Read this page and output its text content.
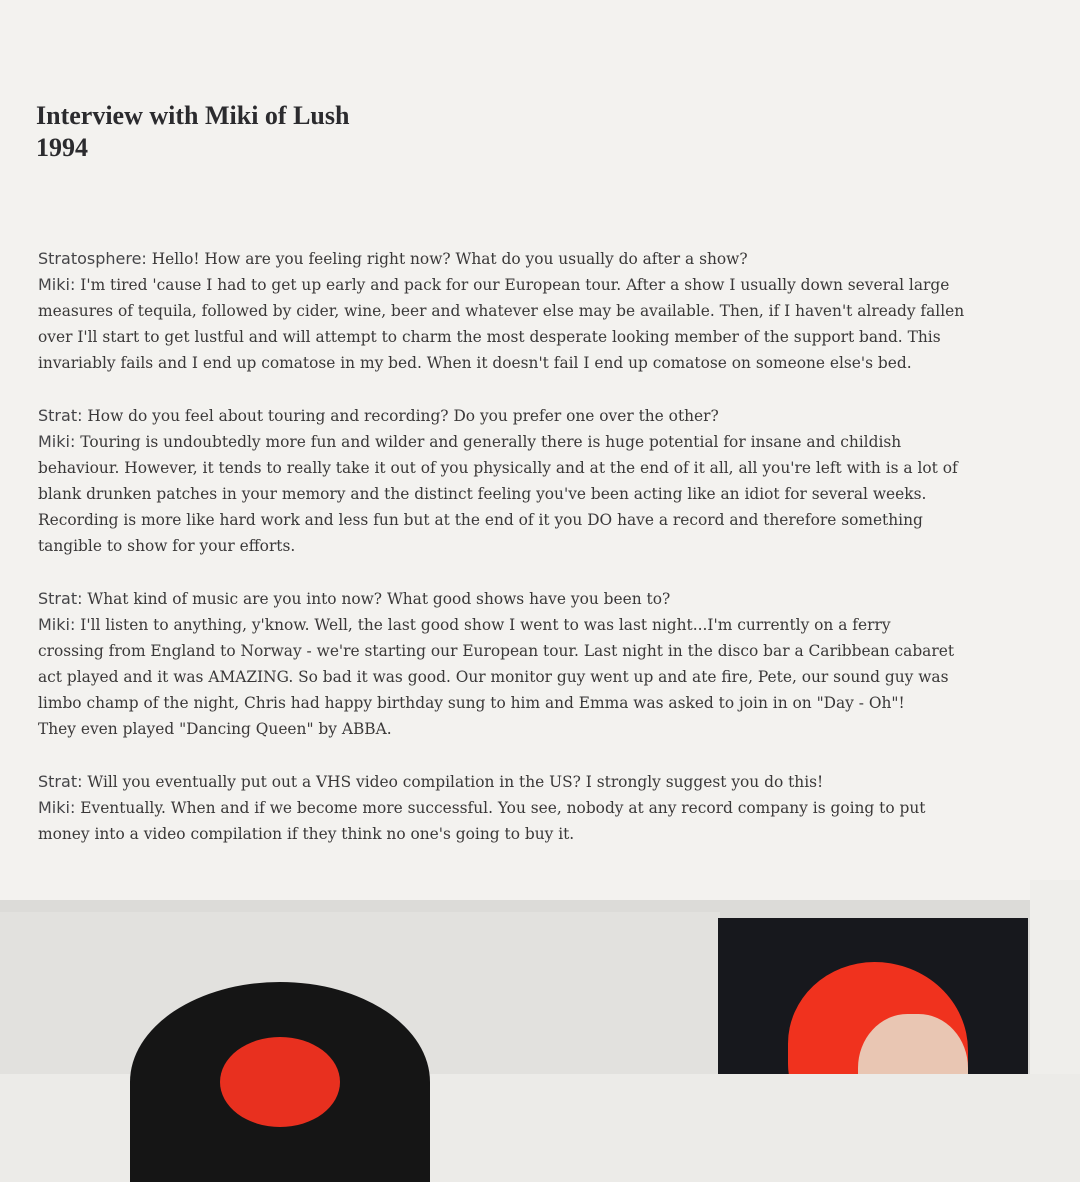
Interview with Miki of Lush
1994
Stratosphere: Hello! How are you feeling right now? What do you usually do after a show?
Miki: I'm tired 'cause I had to get up early and pack for our European tour. After a show I usually down several large
measures of tequila, followed by cider, wine, beer and whatever else may be available. Then, if I haven't already fallen
over I'll start to get lustful and will attempt to charm the most desperate looking member of the support band. This
invariably fails and I end up comatose in my bed. When it doesn't fail I end up comatose on someone else's bed.
Strat: How do you feel about touring and recording? Do you prefer one over the other?
Miki: Touring is undoubtedly more fun and wilder and generally there is huge potential for insane and childish
behaviour. However, it tends to really take it out of you physically and at the end of it all, all you're left with is a lot of
blank drunken patches in your memory and the distinct feeling you've been acting like an idiot for several weeks.
Recording is more like hard work and less fun but at the end of it you DO have a record and therefore something
tangible to show for your efforts.
Strat: What kind of music are you into now? What good shows have you been to?
Miki: I'll listen to anything, y'know. Well, the last good show I went to was last night...I'm currently on a ferry
crossing from England to Norway - we're starting our European tour. Last night in the disco bar a Caribbean cabaret
act played and it was AMAZING. So bad it was good. Our monitor guy went up and ate fire, Pete, our sound guy was
limbo champ of the night, Chris had happy birthday sung to him and Emma was asked to join in on "Day - Oh"!
They even played "Dancing Queen" by ABBA.
Strat: Will you eventually put out a VHS video compilation in the US? I strongly suggest you do this!
Miki: Eventually. When and if we become more successful. You see, nobody at any record company is going to put
money into a video compilation if they think no one's going to buy it.
